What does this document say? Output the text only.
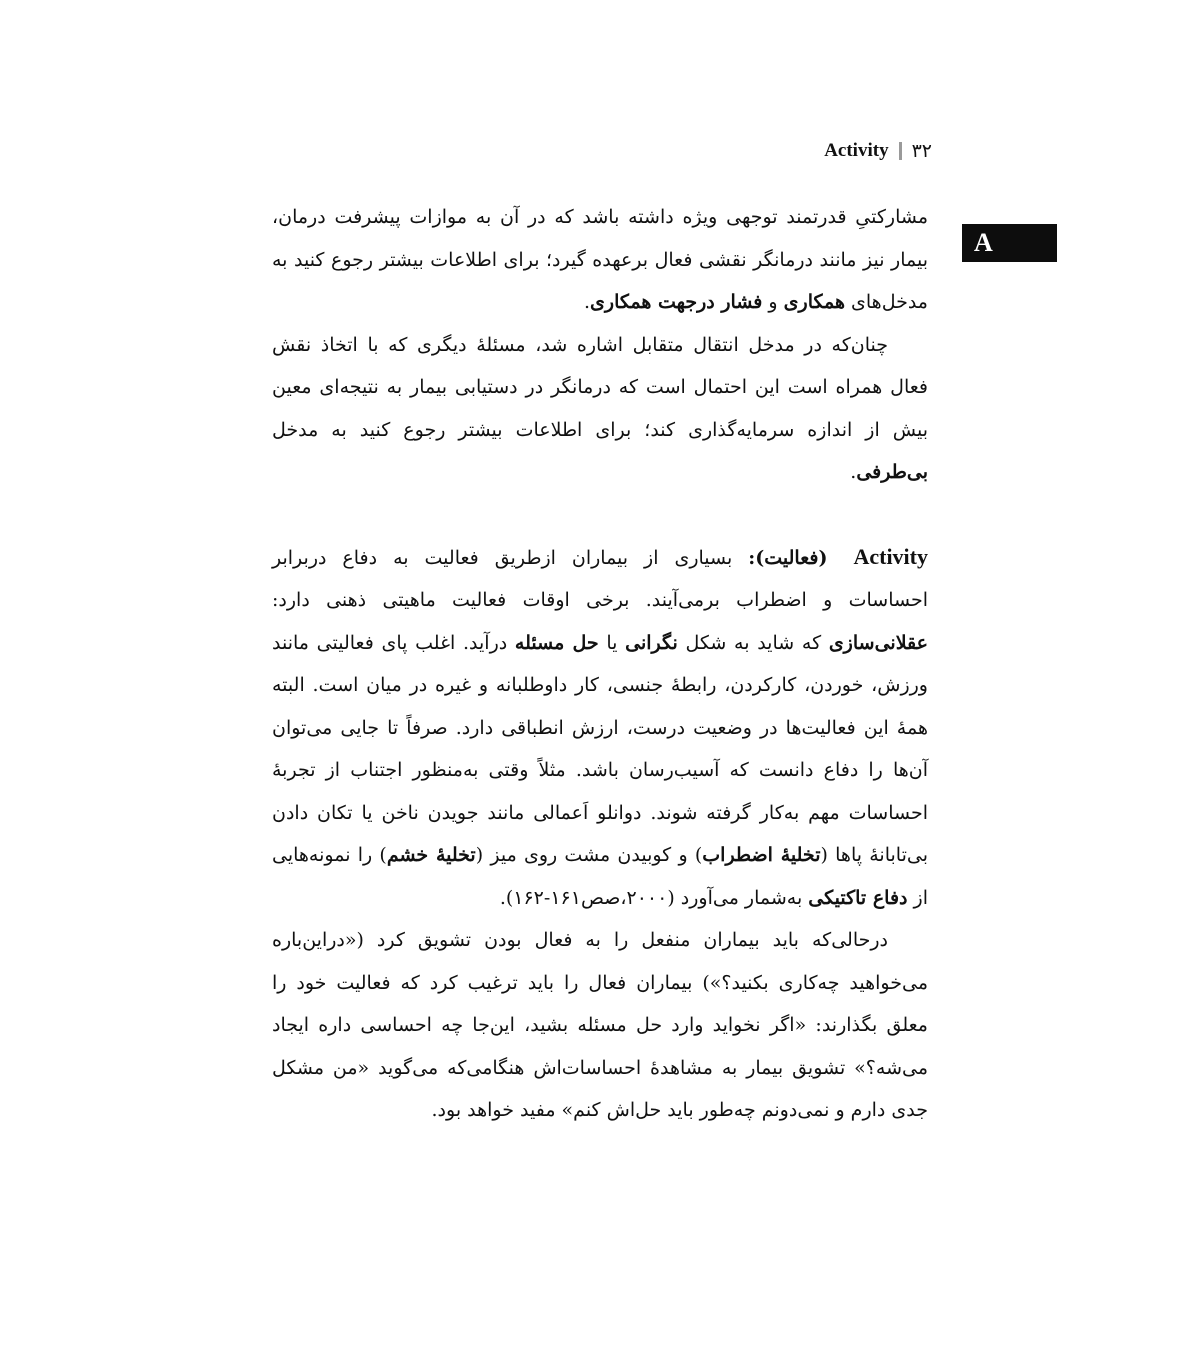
Activity ۳۲
A

مشارکتیِ قدرتمند توجهی ویژه داشته باشد که در آن به موازات پیشرفت درمان، بیمار نیز مانند درمانگر نقشی فعال برعهده گیرد؛ برای اطلاعات بیشتر رجوع کنید به مدخل‌های همکاری و فشار درجهت همکاری.

چنان‌که در مدخل انتقال متقابل اشاره شد، مسئلهٔ دیگری که با اتخاذ نقش فعال همراه است این احتمال است که درمانگر در دستیابی بیمار به نتیجه‌ای معین بیش از اندازه سرمایه‌گذاری کند؛ برای اطلاعات بیشتر رجوع کنید به مدخل بی‌طرفی.

Activity(فعالیت): بسیاری از بیماران ازطریق فعالیت به دفاع دربرابر احساسات و اضطراب برمی‌آیند. برخی اوقات فعالیت ماهیتی ذهنی دارد: عقلانی‌سازی که شاید به شکل نگرانی یا حل مسئله درآید. اغلب پای فعالیتی مانند ورزش، خوردن، کارکردن، رابطهٔ جنسی، کار داوطلبانه و غیره در میان است. البته همهٔ این فعالیت‌ها در وضعیت درست، ارزش انطباقی دارد. صرفاً تا جایی می‌توان آن‌ها را دفاع دانست که آسیب‌رسان باشد. مثلاً وقتی به‌منظور اجتناب از تجربهٔ احساسات مهم به‌کار گرفته شوند. دوانلو اَعمالی مانند جویدن ناخن یا تکان دادن بی‌تابانهٔ پاها (تخلیهٔ اضطراب) و کوبیدن مشت روی میز (تخلیهٔ خشم) را نمونه‌هایی از دفاع تاکتیکی به‌شمار می‌آورد (۲۰۰۰،صص۱۶۱-۱۶۲).

درحالی‌که باید بیماران منفعل را به فعال بودن تشویق کرد («دراین‌باره می‌خواهید چه‌کاری بکنید؟») بیماران فعال را باید ترغیب کرد که فعالیت خود را معلق بگذارند: «اگر نخواید وارد حل مسئله بشید، این‌جا چه احساسی داره ایجاد می‌شه؟» تشویق بیمار به مشاهدهٔ احساسات‌اش هنگامی‌که می‌گوید «من مشکل جدی دارم و نمی‌دونم چه‌طور باید حل‌اش کنم» مفید خواهد بود.
